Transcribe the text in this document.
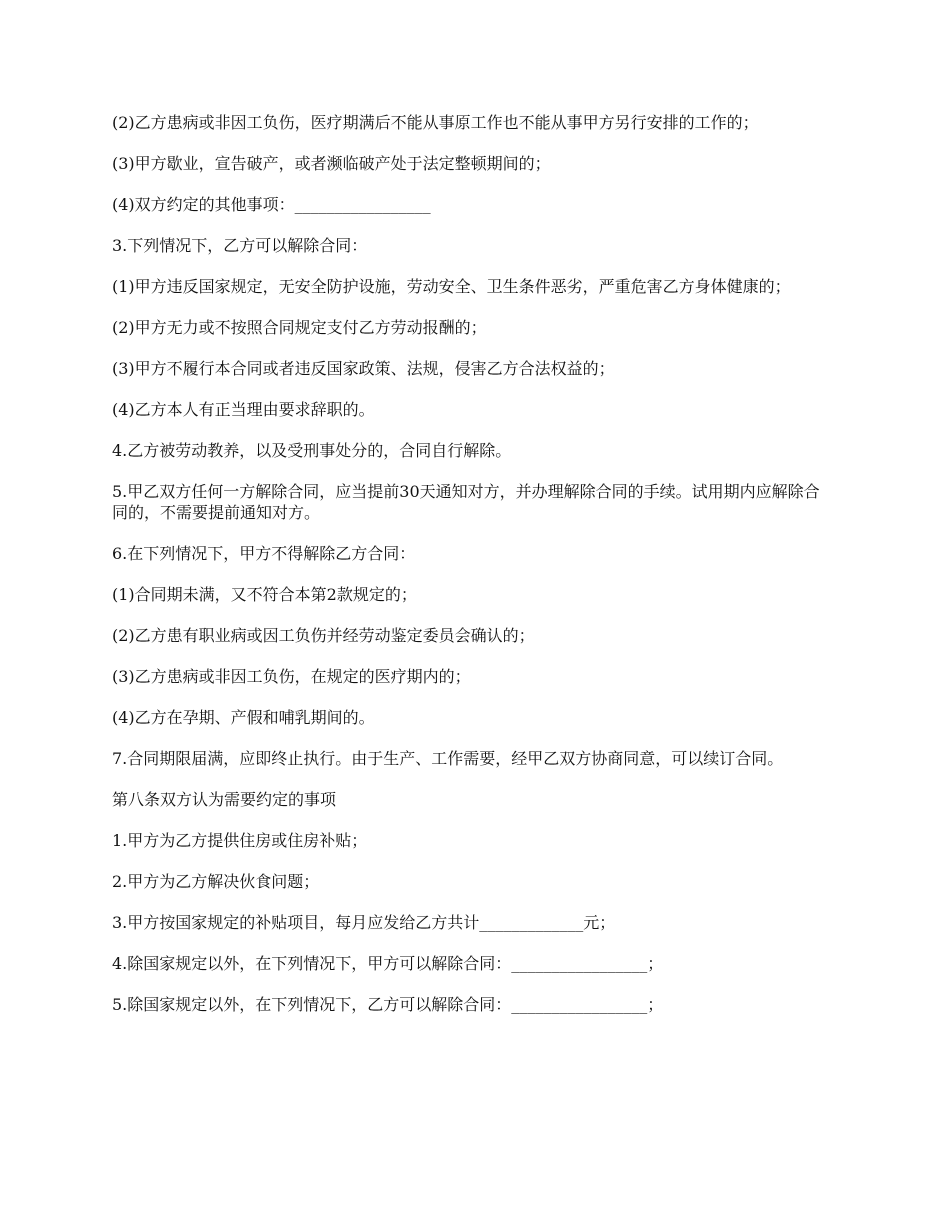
(2)乙方患病或非因工负伤，医疗期满后不能从事原工作也不能从事甲方另行安排的工作的；

(3)甲方歇业，宣告破产，或者濒临破产处于法定整顿期间的；

(4)双方约定的其他事项：_________________

3.下列情况下，乙方可以解除合同：

(1)甲方违反国家规定，无安全防护设施，劳动安全、卫生条件恶劣，严重危害乙方身体健康的；

(2)甲方无力或不按照合同规定支付乙方劳动报酬的；

(3)甲方不履行本合同或者违反国家政策、法规，侵害乙方合法权益的；

(4)乙方本人有正当理由要求辞职的。

4.乙方被劳动教养，以及受刑事处分的，合同自行解除。

5.甲乙双方任何一方解除合同，应当提前30天通知对方，并办理解除合同的手续。试用期内应解除合同的，不需要提前通知对方。

6.在下列情况下，甲方不得解除乙方合同：

(1)合同期未满，又不符合本第2款规定的；

(2)乙方患有职业病或因工负伤并经劳动鉴定委员会确认的；

(3)乙方患病或非因工负伤，在规定的医疗期内的；

(4)乙方在孕期、产假和哺乳期间的。

7.合同期限届满，应即终止执行。由于生产、工作需要，经甲乙双方协商同意，可以续订合同。

第八条双方认为需要约定的事项

1.甲方为乙方提供住房或住房补贴；

2.甲方为乙方解决伙食问题；

3.甲方按国家规定的补贴项目，每月应发给乙方共计_____________元；

4.除国家规定以外，在下列情况下，甲方可以解除合同：_________________；

5.除国家规定以外，在下列情况下，乙方可以解除合同：_________________；
